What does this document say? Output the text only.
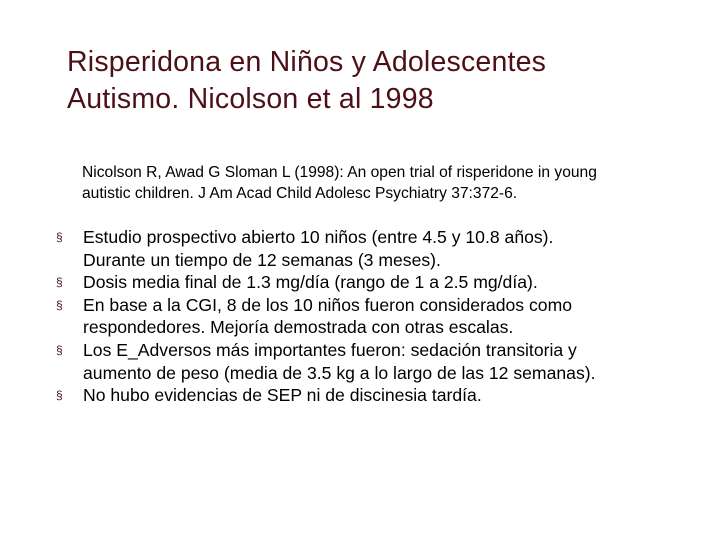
Risperidona en Niños y Adolescentes
Autismo. Nicolson et al 1998
Nicolson R, Awad G Sloman L (1998): An open trial of risperidone in young
autistic children. J Am Acad Child Adolesc Psychiatry 37:372-6.
§ Estudio prospectivo abierto 10 niños (entre 4.5 y 10.8 años).
Durante un tiempo de 12 semanas (3 meses).
§ Dosis media final de 1.3 mg/día (rango de 1 a 2.5 mg/día).
§ En base a la CGI, 8 de los 10 niños fueron considerados como
respondedores. Mejoría demostrada con otras escalas.
§ Los E_Adversos más importantes fueron: sedación transitoria y
aumento de peso (media de 3.5 kg a lo largo de las 12 semanas).
§ No hubo evidencias de SEP ni de discinesia tardía.
